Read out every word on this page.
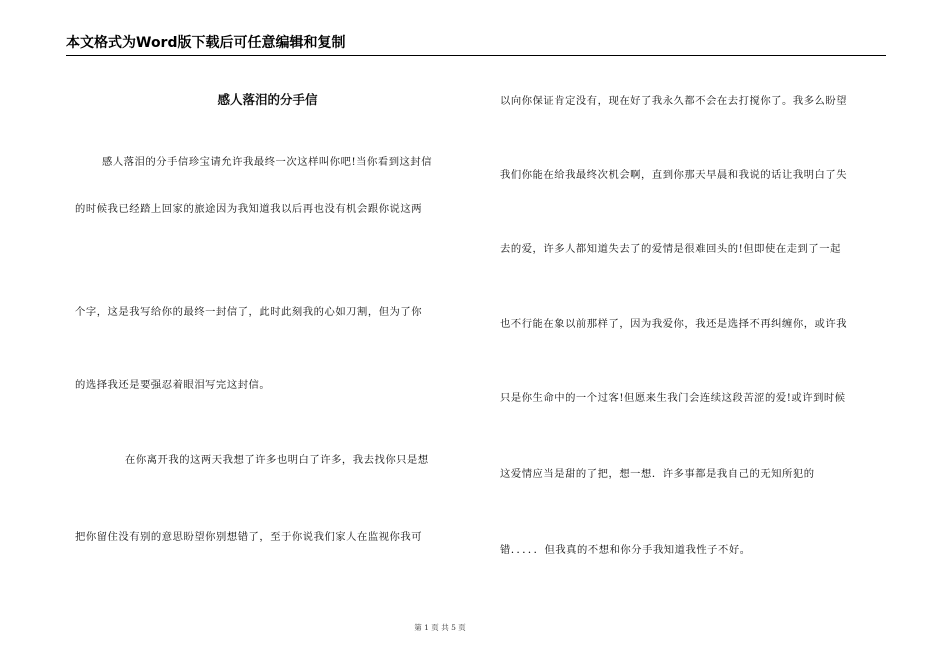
本文格式为Word版下载后可任意编辑和复制
感人落泪的分手信
感人落泪的分手信珍宝请允许我最终一次这样叫你吧!当你看到这封信
的时候我已经踏上回家的旅途因为我知道我以后再也没有机会跟你说这两
个字，这是我写给你的最终一封信了，此时此刻我的心如刀割，但为了你
的选择我还是要强忍着眼泪写完这封信。
在你离开我的这两天我想了许多也明白了许多，我去找你只是想
把你留住没有别的意思盼望你别想错了，至于你说我们家人在监视你我可
以向你保证肯定没有，现在好了我永久都不会在去打搅你了。我多么盼望
我们你能在给我最终次机会啊，直到你那天早晨和我说的话让我明白了失
去的爱，许多人都知道失去了的爱情是很难回头的!但即使在走到了一起
也不行能在象以前那样了，因为我爱你，我还是选择不再纠缠你，或许我
只是你生命中的一个过客!但愿来生我门会连续这段苦涩的爱!或许到时候
这爱情应当是甜的了把，想一想．许多事都是我自己的无知所犯的
错．．．．．但我真的不想和你分手我知道我性子不好。
第 1 页 共 5 页
